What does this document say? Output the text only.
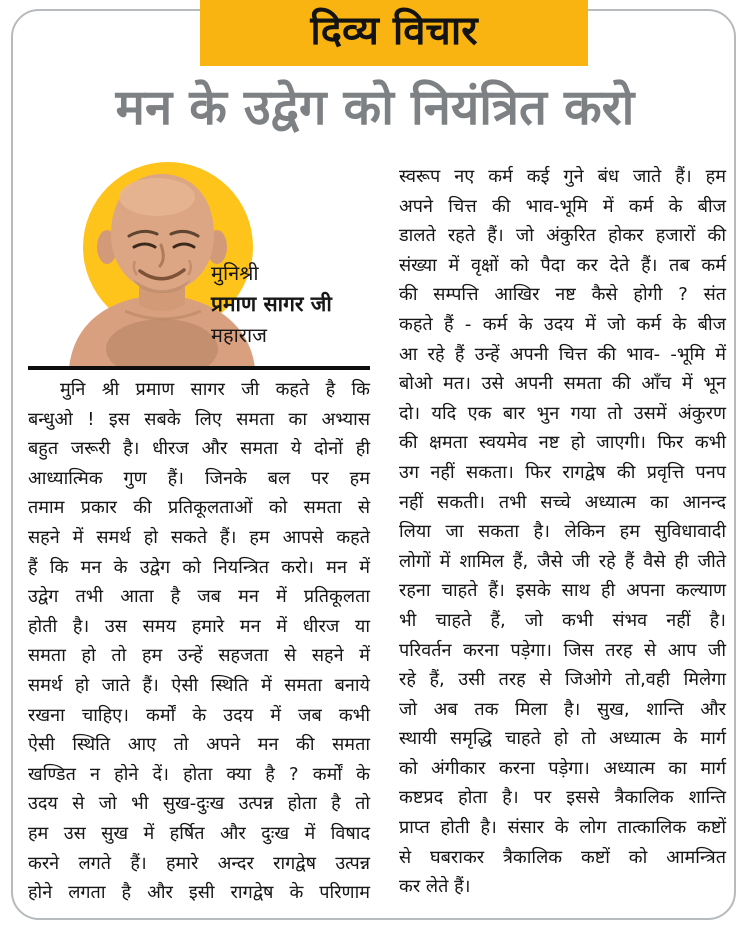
दिव्य विचार
मन के उद्वेग को नियंत्रित करो
मुनिश्री
प्रमाण सागर जी
महाराज
मुनि श्री प्रमाण सागर जी कहते है कि
बन्धुओ ! इस सबके लिए समता का अभ्यास
बहुत जरूरी है। धीरज और समता ये दोनों ही
आध्यात्मिक गुण हैं। जिनके बल पर हम
तमाम प्रकार की प्रतिकूलताओं को समता से
सहने में समर्थ हो सकते हैं। हम आपसे कहते
हैं कि मन के उद्वेग को नियन्त्रित करो। मन में
उद्वेग तभी आता है जब मन में प्रतिकूलता
होती है। उस समय हमारे मन में धीरज या
समता हो तो हम उन्हें सहजता से सहने में
समर्थ हो जाते हैं। ऐसी स्थिति में समता बनाये
रखना चाहिए। कर्मों के उदय में जब कभी
ऐसी स्थिति आए तो अपने मन की समता
खण्डित न होने दें। होता क्या है ? कर्मों के
उदय से जो भी सुख-दुःख उत्पन्न होता है तो
हम उस सुख में हर्षित और दुःख में विषाद
करने लगते हैं। हमारे अन्दर रागद्वेष उत्पन्न
होने लगता है और इसी रागद्वेष के परिणाम
स्वरूप नए कर्म कई गुने बंध जाते हैं। हम
अपने चित्त की भाव-भूमि में कर्म के बीज
डालते रहते हैं। जो अंकुरित होकर हजारों की
संख्या में वृक्षों को पैदा कर देते हैं। तब कर्म
की सम्पत्ति आखिर नष्ट कैसे होगी ? संत
कहते हैं - कर्म के उदय में जो कर्म के बीज
आ रहे हैं उन्हें अपनी चित्त की भाव- -भूमि में
बोओ मत। उसे अपनी समता की आँच में भून
दो। यदि एक बार भुन गया तो उसमें अंकुरण
की क्षमता स्वयमेव नष्ट हो जाएगी। फिर कभी
उग नहीं सकता। फिर रागद्वेष की प्रवृत्ति पनप
नहीं सकती। तभी सच्चे अध्यात्म का आनन्द
लिया जा सकता है। लेकिन हम सुविधावादी
लोगों में शामिल हैं, जैसे जी रहे हैं वैसे ही जीते
रहना चाहते हैं। इसके साथ ही अपना कल्याण
भी चाहते हैं, जो कभी संभव नहीं है।
परिवर्तन करना पड़ेगा। जिस तरह से आप जी
रहे हैं, उसी तरह से जिओगे तो,वही मिलेगा
जो अब तक मिला है। सुख, शान्ति और
स्थायी समृद्धि चाहते हो तो अध्यात्म के मार्ग
को अंगीकार करना पड़ेगा। अध्यात्म का मार्ग
कष्टप्रद होता है। पर इससे त्रैकालिक शान्ति
प्राप्त होती है। संसार के लोग तात्कालिक कष्टों
से घबराकर त्रैकालिक कष्टों को आमन्त्रित
कर लेते हैं।
